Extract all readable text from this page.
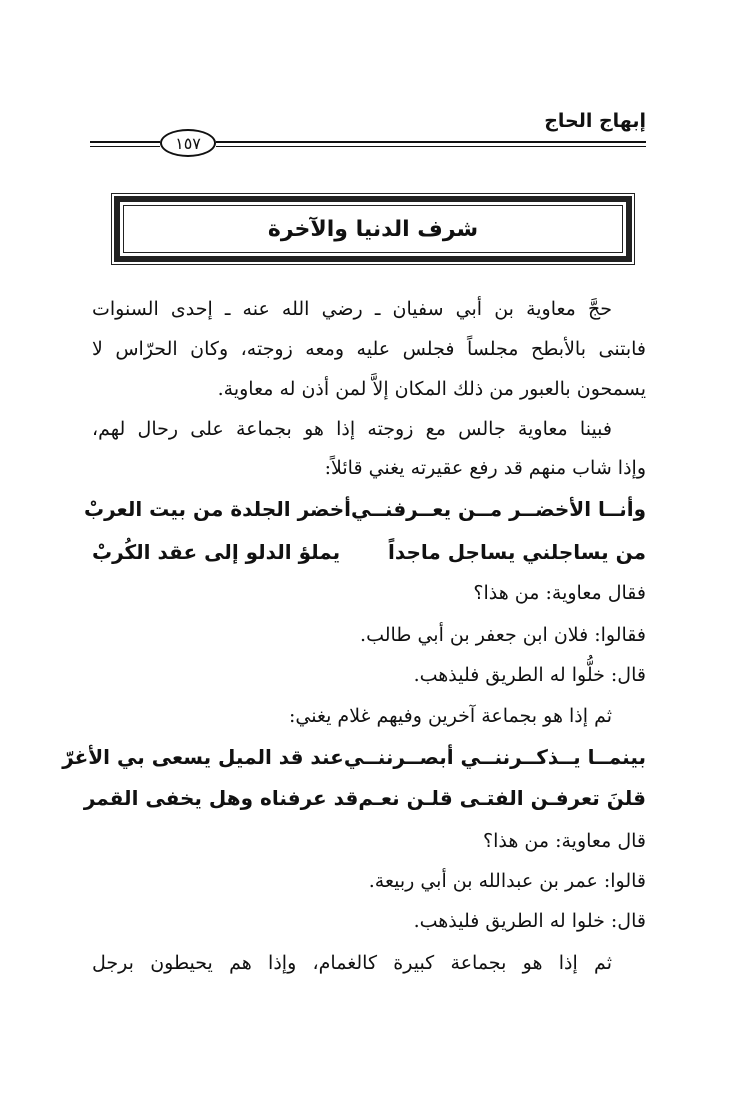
إبهاج الحاج
١٥٧
شرف الدنيا والآخرة
حجَّ معاوية بن أبي سفيان ـ رضي الله عنه ـ إحدى السنوات
فابتنى بالأبطح مجلساً فجلس عليه ومعه زوجته، وكان الحرّاس لا
يسمحون بالعبور من ذلك المكان إلاَّ لمن أذن له معاوية.
فبينا معاوية جالس مع زوجته إذا هو بجماعة على رحال لهم،
وإذا شاب منهم قد رفع عقيرته يغني قائلاً:
وأنــا الأخضــر مــن يعــرفنــي
أخضر الجلدة من بيت العربْ
من يساجلني يساجل ماجداً
يملؤ الدلو إلى عقد الكُربْ
فقال معاوية: من هذا؟
فقالوا: فلان ابن جعفر بن أبي طالب.
قال: خلُّوا له الطريق فليذهب.
ثم إذا هو بجماعة آخرين وفيهم غلام يغني:
بينمــا يــذكــرننــي أبصــرننــي
عند قد الميل يسعى بي الأغرّ
قلنَ تعرفـن الفتـى قلـن نعـم
قد عرفناه وهل يخفى القمر
قال معاوية: من هذا؟
قالوا: عمر بن عبدالله بن أبي ربيعة.
قال: خلوا له الطريق فليذهب.
ثم إذا هو بجماعة كبيرة كالغمام، وإذا هم يحيطون برجل
